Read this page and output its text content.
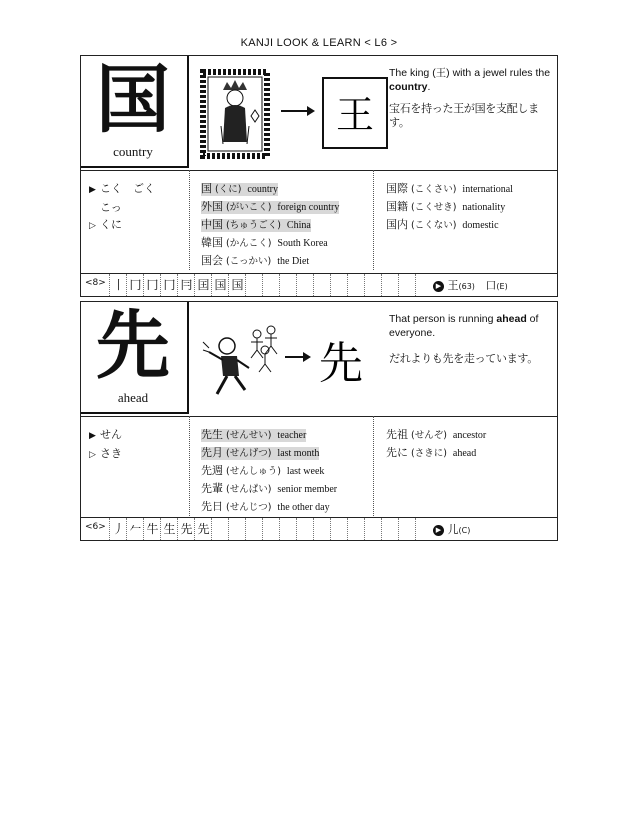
KANJI LOOK & LEARN < L6 >
国
country
王
The king (王) with a jewel rules the country.
宝石を持った王が国を支配します。
▶ こく　ごく
こっ
▷ くに
国 (くに) country
外国 (がいこく) foreign country
中国 (ちゅうごく) China
韓国 (かんこく) South Korea
国会 (こっかい) the Diet
国際 (こくさい) international
国籍 (こくせき) nationality
国内 (こくない) domestic
<8> 丨 冂 冂 冂 冃 囯 国 国	▶ 王(63) 口(E)
先
ahead
先
That person is running ahead of everyone.
だれよりも先を走っています。
▶ せん
▷ さき
先生 (せんせい) teacher
先月 (せんげつ) last month
先週 (せんしゅう) last week
先輩 (せんぱい) senior member
先日 (せんじつ) the other day
先祖 (せんぞ) ancestor
先に (さきに) ahead
<6> 丿 𠂉 牛 生 先 先	▶ 儿(C)
